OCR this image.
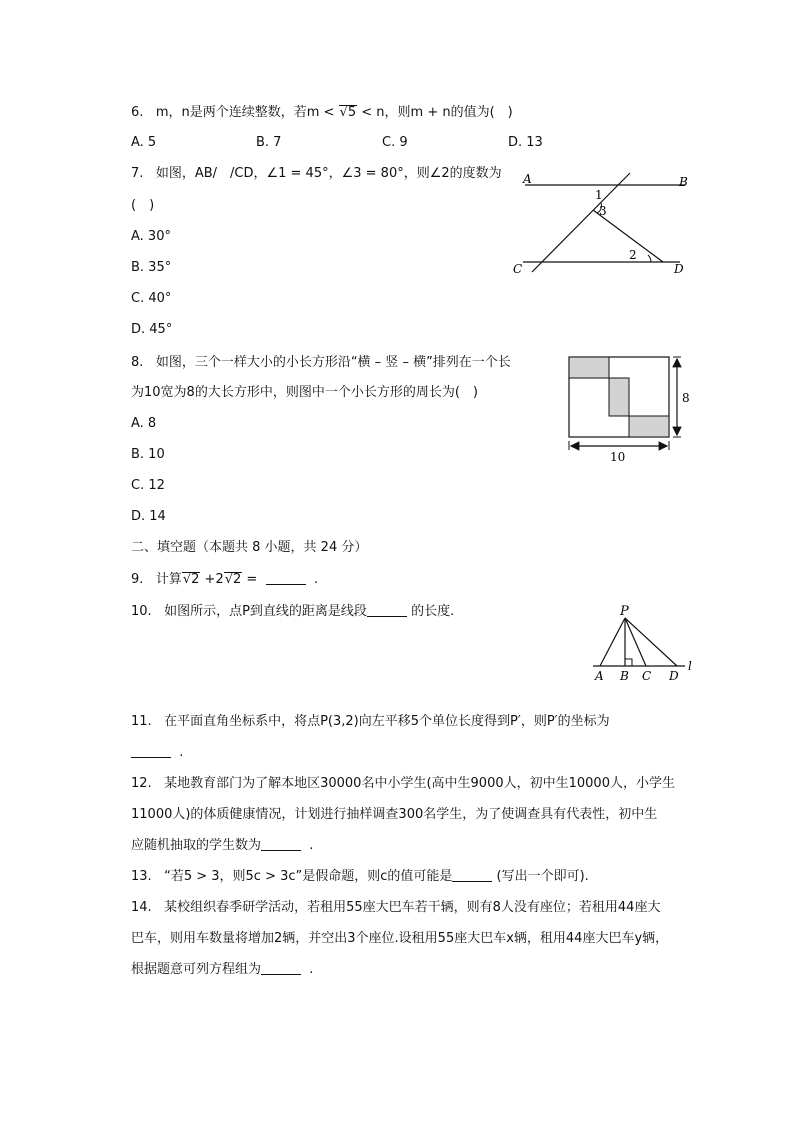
6. m，n是两个连续整数，若m < √5 < n，则m + n的值为(　)
A. 5	B. 7	C. 9	D. 13
7. 如图，AB/　/CD，∠1 = 45°，∠3 = 80°，则∠2的度数为
(　)
A. 30°
B. 35°
C. 40°
D. 45°
A	B
C	D
1
3
2
8. 如图，三个一样大小的小长方形沿“横 – 竖 – 横”排列在一个长
为10宽为8的大长方形中，则图中一个小长方形的周长为(　)
A. 8
B. 10
C. 12
D. 14
8
10
二、填空题（本题共 8 小题，共 24 分）
9. 计算√2 +2√2 =	.
10. 如图所示，点P到直线的距离是线段	的长度.	P
A B C D
l
11. 在平面直角坐标系中，将点P(3,2)向左平移5个单位长度得到P′，则P′的坐标为
.
12. 某地教育部门为了解本地区30000名中小学生(高中生9000人，初中生10000人，小学生
11000人)的体质健康情况，计划进行抽样调查300名学生，为了使调查具有代表性，初中生
应随机抽取的学生数为	.
13. “若5 > 3，则5c > 3c”是假命题，则c的值可能是	(写出一个即可).
14. 某校组织春季研学活动，若租用55座大巴车若干辆，则有8人没有座位；若租用44座大
巴车，则用车数量将增加2辆，并空出3个座位.设租用55座大巴车x辆，租用44座大巴车y辆，
根据题意可列方程组为	.
